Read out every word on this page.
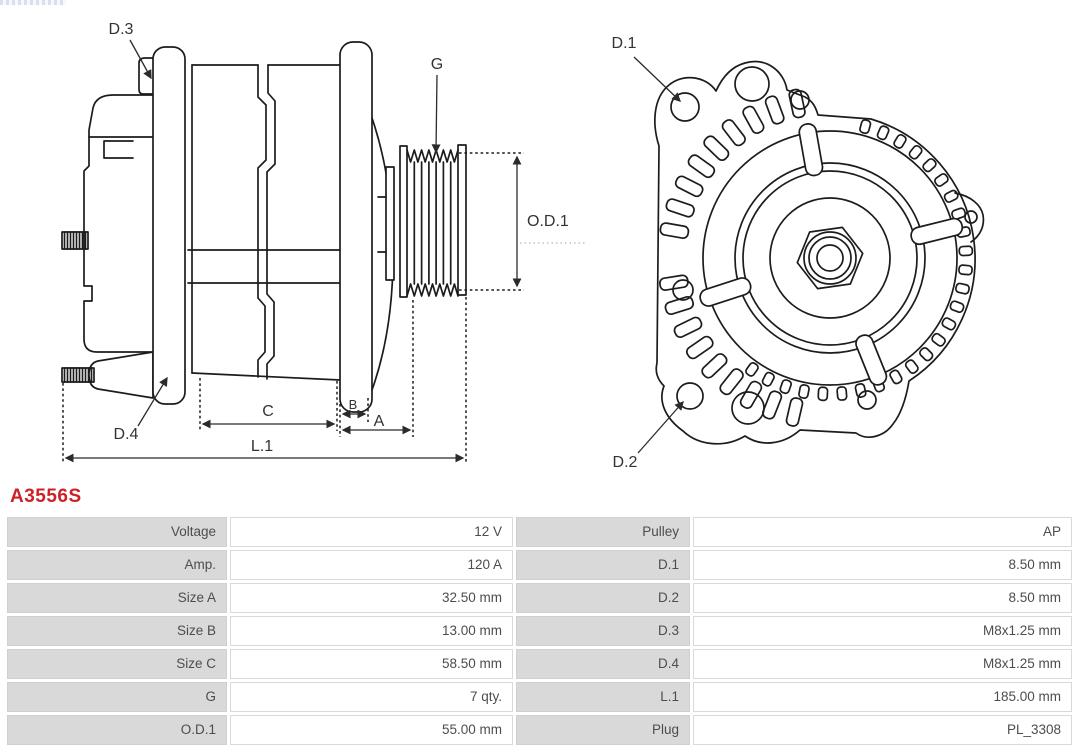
D.3
G
D.4
O.D.1
C	B
A
L.1
D.1
D.2
A3556S
Voltage	12 V	Pulley	AP
Amp.	120 A	D.1	8.50 mm
Size A	32.50 mm	D.2	8.50 mm
Size B	13.00 mm	D.3	M8x1.25 mm
Size C	58.50 mm	D.4	M8x1.25 mm
G	7 qty.	L.1	185.00 mm
O.D.1	55.00 mm	Plug	PL_3308
